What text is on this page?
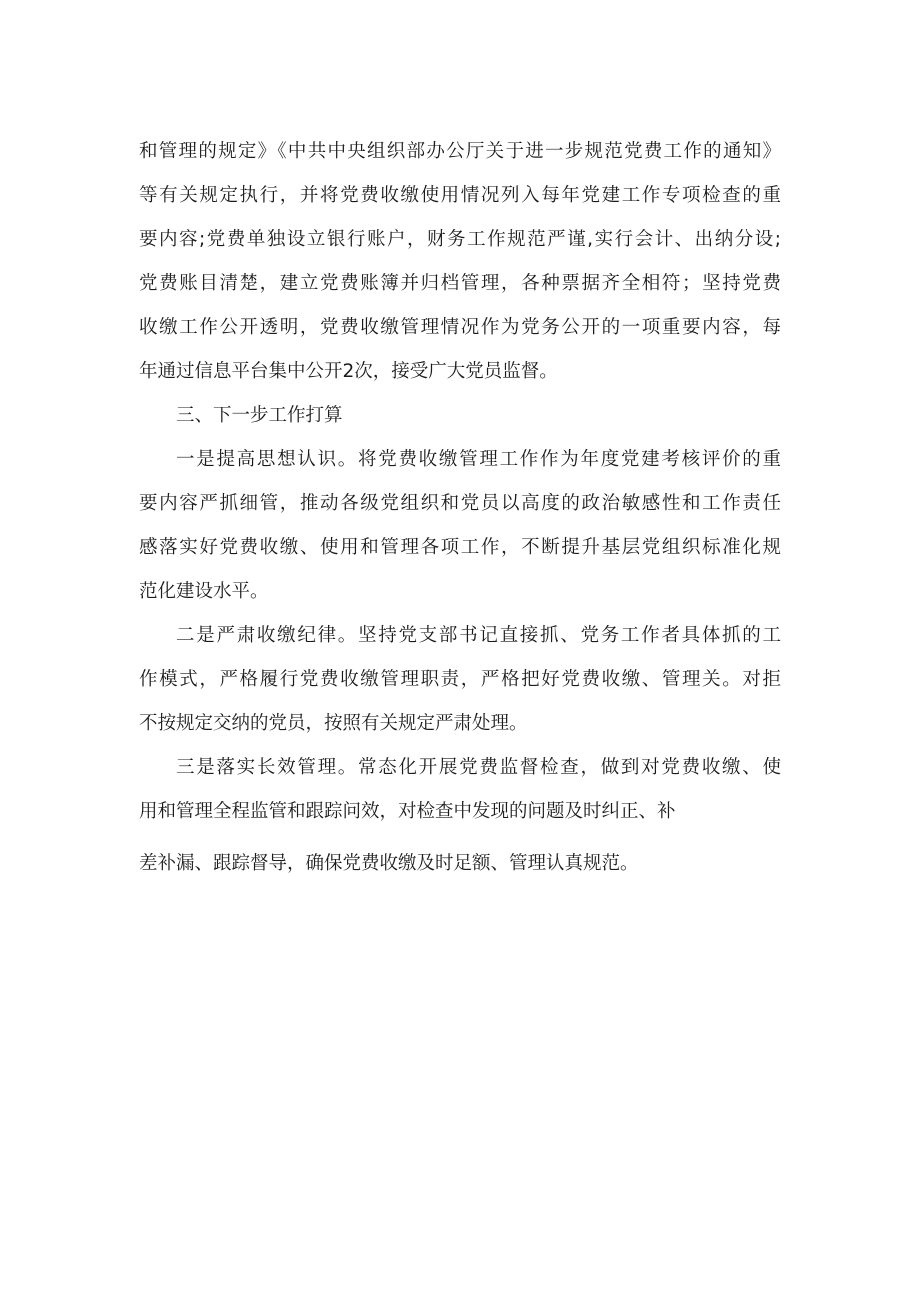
和管理的规定》《中共中央组织部办公厅关于进一步规范党费工作的通知》

等有关规定执行，并将党费收缴使用情况列入每年党建工作专项检查的重

要内容;党费单独设立银行账户，财务工作规范严谨,实行会计、出纳分设;

党费账目清楚，建立党费账簿并归档管理，各种票据齐全相符；坚持党费

收缴工作公开透明，党费收缴管理情况作为党务公开的一项重要内容，每

年通过信息平台集中公开2次，接受广大党员监督。

三、下一步工作打算

一是提高思想认识。将党费收缴管理工作作为年度党建考核评价的重

要内容严抓细管，推动各级党组织和党员以高度的政治敏感性和工作责任

感落实好党费收缴、使用和管理各项工作，不断提升基层党组织标准化规

范化建设水平。

二是严肃收缴纪律。坚持党支部书记直接抓、党务工作者具体抓的工

作模式，严格履行党费收缴管理职责，严格把好党费收缴、管理关。对拒

不按规定交纳的党员，按照有关规定严肃处理。

三是落实长效管理。常态化开展党费监督检查，做到对党费收缴、使

用和管理全程监管和跟踪问效，对检查中发现的问题及时纠正、补

差补漏、跟踪督导，确保党费收缴及时足额、管理认真规范。
